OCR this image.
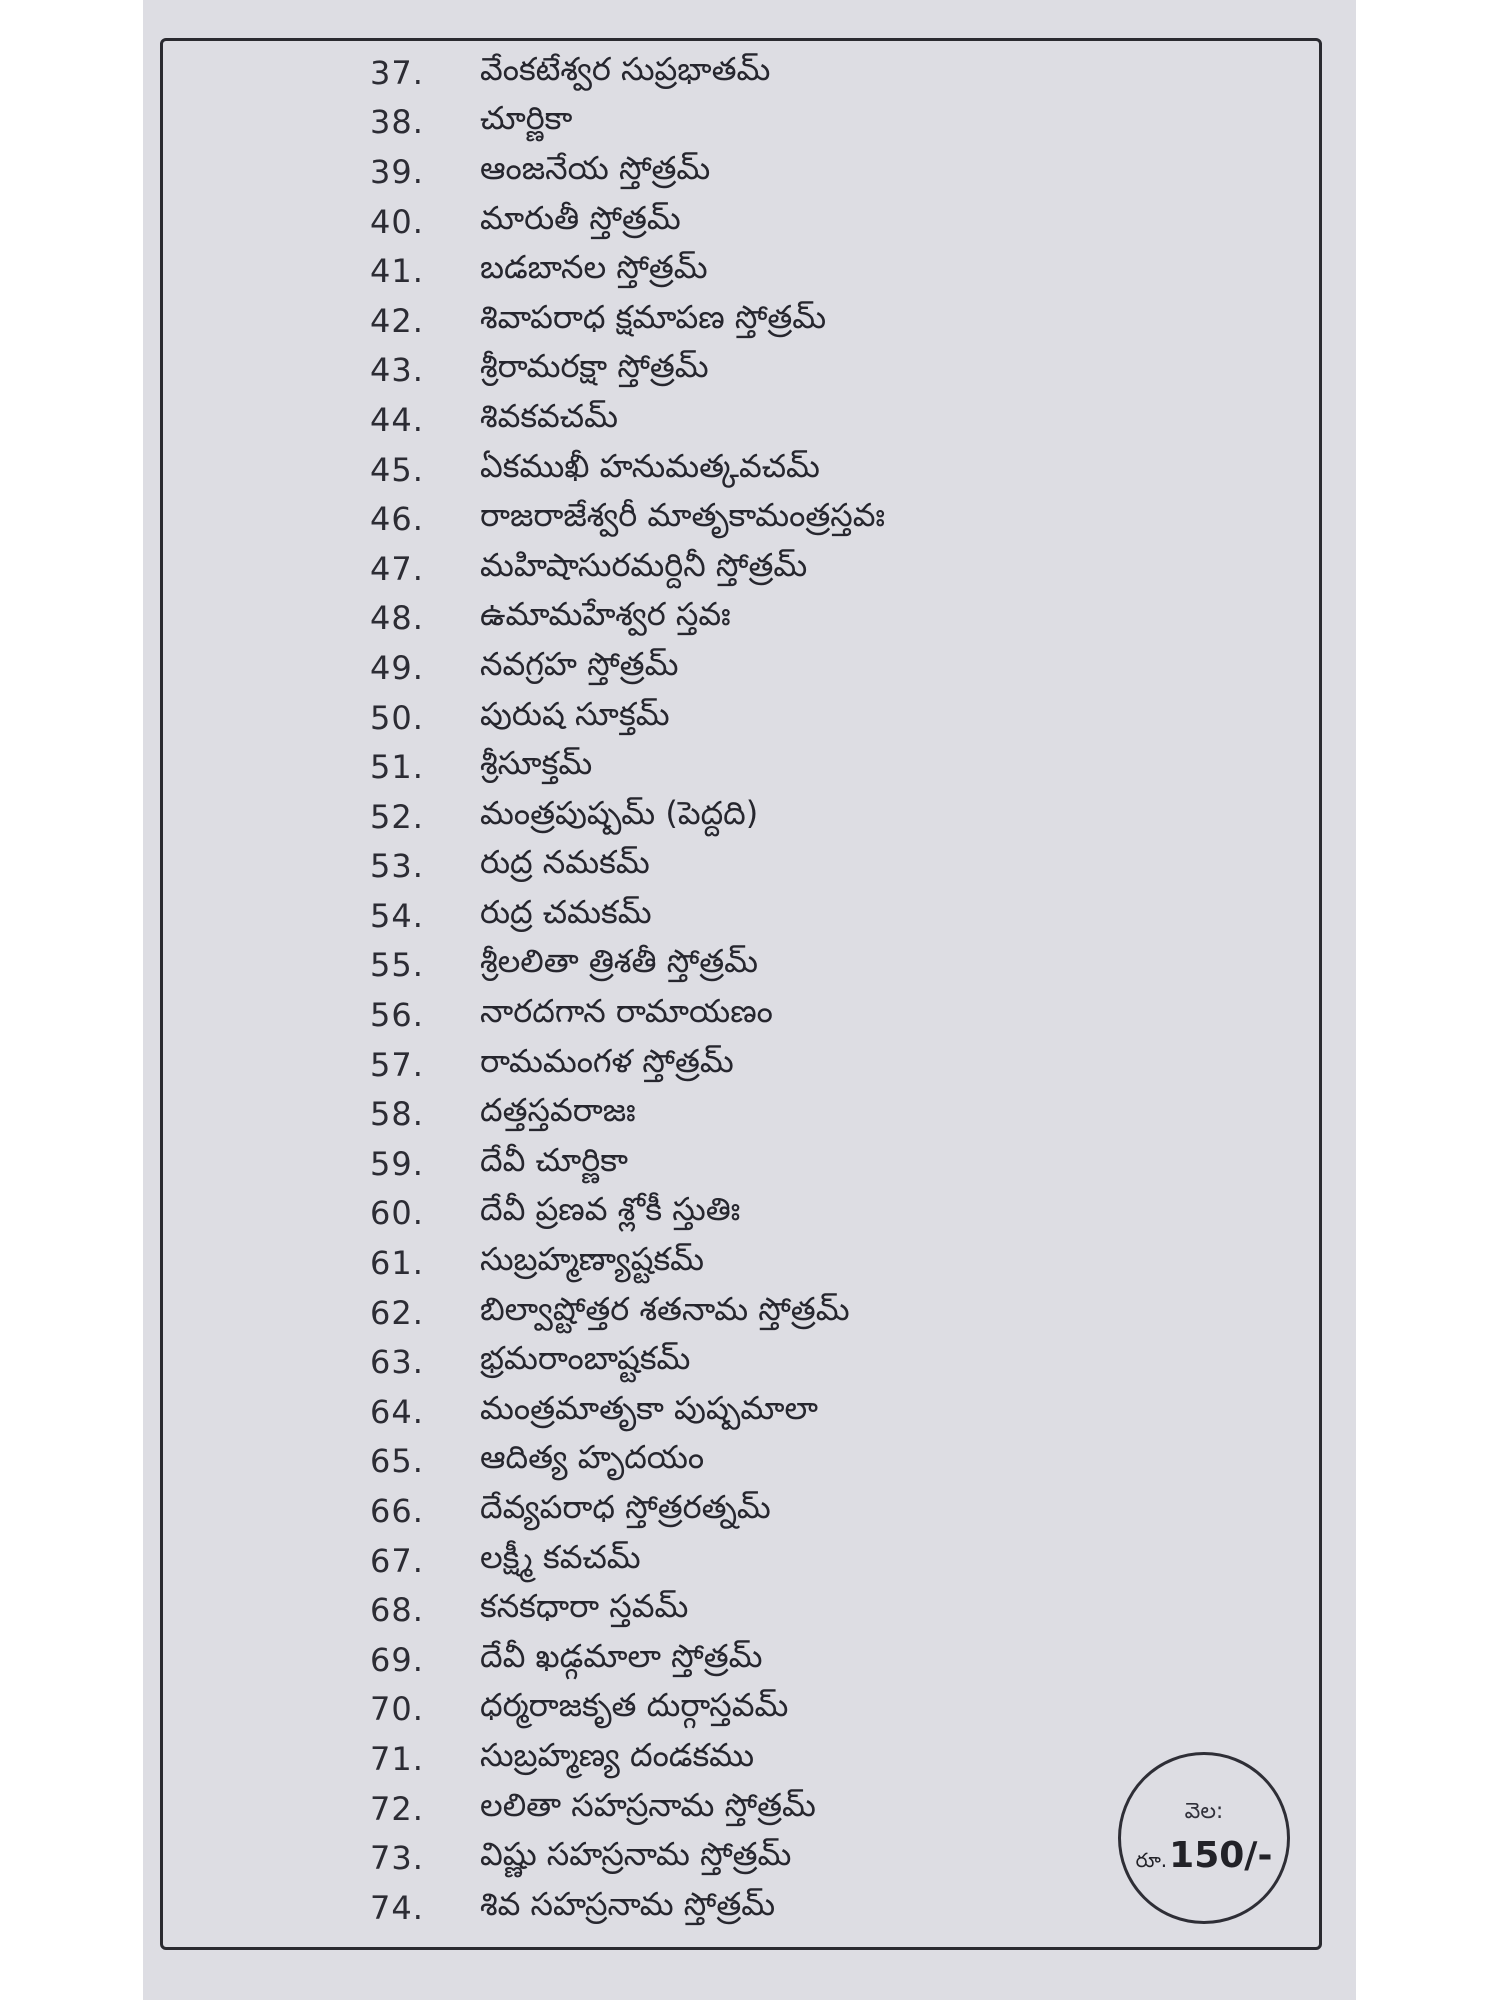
37.	వేంకటేశ్వర సుప్రభాతమ్
38.	చూర్ణికా
39.	ఆంజనేయ స్తోత్రమ్
40.	మారుతీ స్తోత్రమ్
41.	బడబానల స్తోత్రమ్
42.	శివాపరాధ క్షమాపణ స్తోత్రమ్
43.	శ్రీరామరక్షా స్తోత్రమ్
44.	శివకవచమ్
45.	ఏకముఖీ హనుమత్కవచమ్
46.	రాజరాజేశ్వరీ మాతృకామంత్రస్తవః
47.	మహిషాసురమర్దినీ స్తోత్రమ్
48.	ఉమామహేశ్వర స్తవః
49.	నవగ్రహ స్తోత్రమ్
50.	పురుష సూక్తమ్
51.	శ్రీసూక్తమ్
52.	మంత్రపుష్పమ్ (పెద్దది)
53.	రుద్ర నమకమ్
54.	రుద్ర చమకమ్
55.	శ్రీలలితా త్రిశతీ స్తోత్రమ్
56.	నారదగాన రామాయణం
57.	రామమంగళ స్తోత్రమ్
58.	దత్తస్తవరాజః
59.	దేవీ చూర్ణికా
60.	దేవీ ప్రణవ శ్లోకీ స్తుతిః
61.	సుబ్రహ్మణ్యాష్టకమ్
62.	బిల్వాష్టోత్తర శతనామ స్తోత్రమ్
63.	భ్రమరాంబాష్టకమ్
64.	మంత్రమాతృకా పుష్పమాలా
65.	ఆదిత్య హృదయం
66.	దేవ్యపరాధ స్తోత్రరత్నమ్
67.	లక్ష్మీ కవచమ్
68.	కనకధారా స్తవమ్
69.	దేవీ ఖడ్గమాలా స్తోత్రమ్
70.	ధర్మరాజకృత దుర్గాస్తవమ్
71.	సుబ్రహ్మణ్య దండకము
72.	లలితా సహస్రనామ స్తోత్రమ్
73.	విష్ణు సహస్రనామ స్తోత్రమ్
74.	శివ సహస్రనామ స్తోత్రమ్
వెల:
రూ.150/-
